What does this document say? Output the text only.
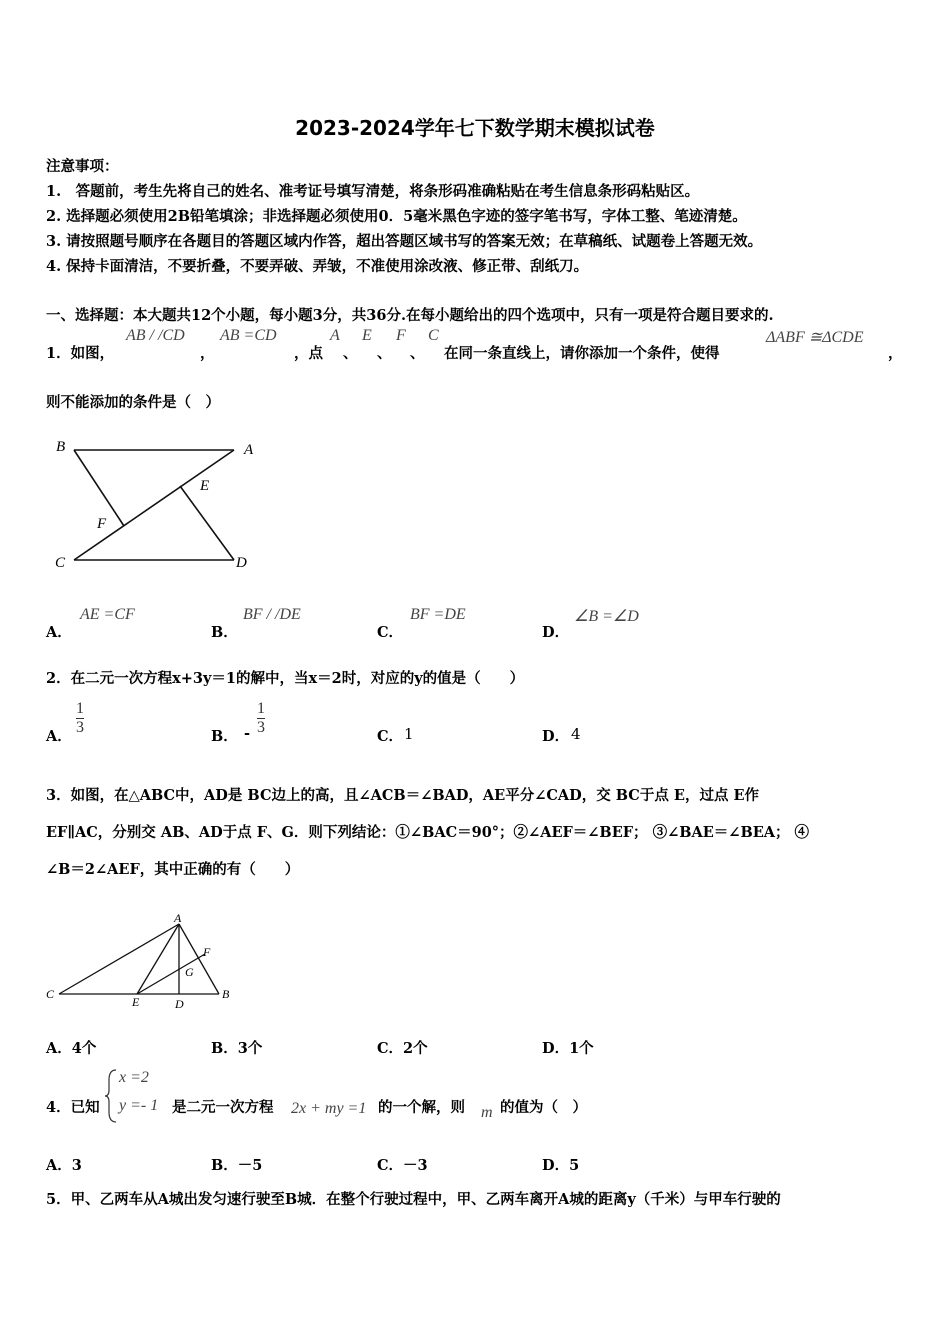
2023-2024学年七下数学期末模拟试卷
注意事项：
1.　答题前，考生先将自己的姓名、准考证号填写清楚，将条形码准确粘贴在考生信息条形码粘贴区。
2. 选择题必须使用2B铅笔填涂；非选择题必须使用0．5毫米黑色字迹的签字笔书写，字体工整、笔迹清楚。
3. 请按照题号顺序在各题目的答题区域内作答，超出答题区域书写的答案无效；在草稿纸、试题卷上答题无效。
4. 保持卡面清洁，不要折叠，不要弄破、弄皱，不准使用涂改液、修正带、刮纸刀。
一、选择题：本大题共12个小题，每小题3分，共36分.在每小题给出的四个选项中，只有一项是符合题目要求的.
1．如图，
AB / /CD
，
AB =CD
，点
A
、
E
、
F
、
C
在同一条直线上，请你添加一个条件，使得
ΔABF ≅ΔCDE
，
则不能添加的条件是（　）
B	A
E
F
C	D
A．
AE =CF
B．
BF / /DE
C．
BF =DE
D．
∠B =∠D
2．在二元一次方程x+3y＝1的解中，当x＝2时，对应的y的值是（　　）
A． $\frac{1}{3}$	B． - $\frac{1}{3}$	C． 1	D． 4
3．如图，在△ABC中，AD是 BC边上的高，且∠ACB＝∠BAD，AE平分∠CAD，交 BC于点 E，过点 E作
EF∥AC，分别交 AB、AD于点 F、G．则下列结论：①∠BAC＝90°；②∠AEF＝∠BEF； ③∠BAE＝∠BEA； ④
∠B＝2∠AEF，其中正确的有（　　）
A
F
G
C
E	D
B
A．4个	B．3个	C．2个	D．1个
4．已知
x =2
y =- 1 是二元一次方程 2x + my =1 的一个解，则 m 的值为（　）
A．3	B．－5	C．－3	D．5
5．甲、乙两车从A城出发匀速行驶至B城．在整个行驶过程中，甲、乙两车离开A城的距离y（千米）与甲车行驶的
